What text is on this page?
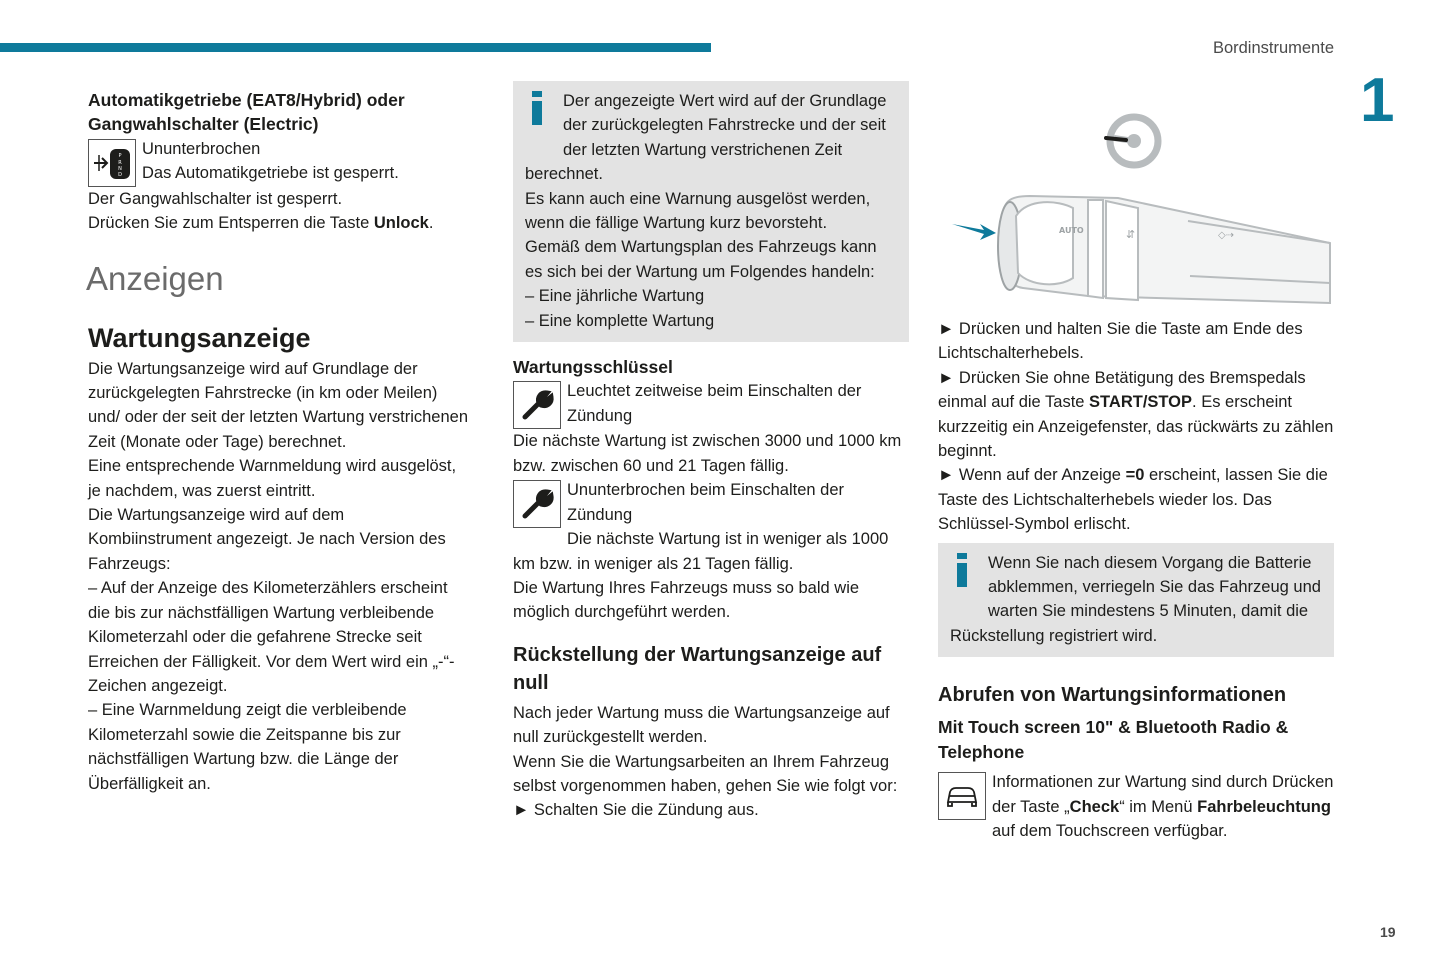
Bordinstrumente
1
19

Automatikgetriebe (EAT8/Hybrid) oder Gangwahlschalter (Electric)

P
R
N
D

Ununterbrochen

Das Automatikgetriebe ist gesperrt.

Der Gangwahlschalter ist gesperrt.

Drücken Sie zum Entsperren die Taste Unlock.

Anzeigen
Wartungsanzeige

Die Wartungsanzeige wird auf Grundlage der zurückgelegten Fahrstrecke (in km oder Meilen) und/ oder der seit der letzten Wartung verstrichenen Zeit (Monate oder Tage) berechnet.

Eine entsprechende Warnmeldung wird ausgelöst, je nachdem, was zuerst eintritt.

Die Wartungsanzeige wird auf dem Kombiinstrument angezeigt. Je nach Version des Fahrzeugs:

– Auf der Anzeige des Kilometerzählers erscheint die bis zur nächstfälligen Wartung verbleibende Kilometerzahl oder die gefahrene Strecke seit Erreichen der Fälligkeit. Vor dem Wert wird ein „-“-Zeichen angezeigt.

– Eine Warnmeldung zeigt die verbleibende Kilometerzahl sowie die Zeitspanne bis zur nächstfälligen Wartung bzw. die Länge der Überfälligkeit an.

Der angezeigte Wert wird auf der Grundlage der zurückgelegten Fahrstrecke und der seit der letzten Wartung verstrichenen Zeit berechnet.

Es kann auch eine Warnung ausgelöst werden, wenn die fällige Wartung kurz bevorsteht.

Gemäß dem Wartungsplan des Fahrzeugs kann es sich bei der Wartung um Folgendes handeln:

– Eine jährliche Wartung

– Eine komplette Wartung

Wartungsschlüssel

Leuchtet zeitweise beim Einschalten der Zündung

Die nächste Wartung ist zwischen 3000 und 1000 km bzw. zwischen 60 und 21 Tagen fällig.

Ununterbrochen beim Einschalten der Zündung

Die nächste Wartung ist in weniger als 1000 km bzw. in weniger als 21 Tagen fällig.

Die Wartung Ihres Fahrzeugs muss so bald wie möglich durchgeführt werden.

Rückstellung der Wartungsanzeige auf null

Nach jeder Wartung muss die Wartungsanzeige auf null zurückgestellt werden.

Wenn Sie die Wartungsarbeiten an Ihrem Fahrzeug selbst vorgenommen haben, gehen Sie wie folgt vor:

► Schalten Sie die Zündung aus.

AUTO	⇵	◇⇢

► Drücken und halten Sie die Taste am Ende des Lichtschalterhebels.

► Drücken Sie ohne Betätigung des Bremspedals einmal auf die Taste START/STOP. Es erscheint kurzzeitig ein Anzeigefenster, das rückwärts zu zählen beginnt.

► Wenn auf der Anzeige =0 erscheint, lassen Sie die Taste des Lichtschalterhebels wieder los. Das Schlüssel-Symbol erlischt.

Wenn Sie nach diesem Vorgang die Batterie abklemmen, verriegeln Sie das Fahrzeug und warten Sie mindestens 5 Minuten, damit die Rückstellung registriert wird.

Abrufen von Wartungsinformationen

Mit Touch screen 10" & Bluetooth Radio & Telephone

Informationen zur Wartung sind durch Drücken der Taste „Check“ im Menü Fahrbeleuchtung auf dem Touchscreen verfügbar.
